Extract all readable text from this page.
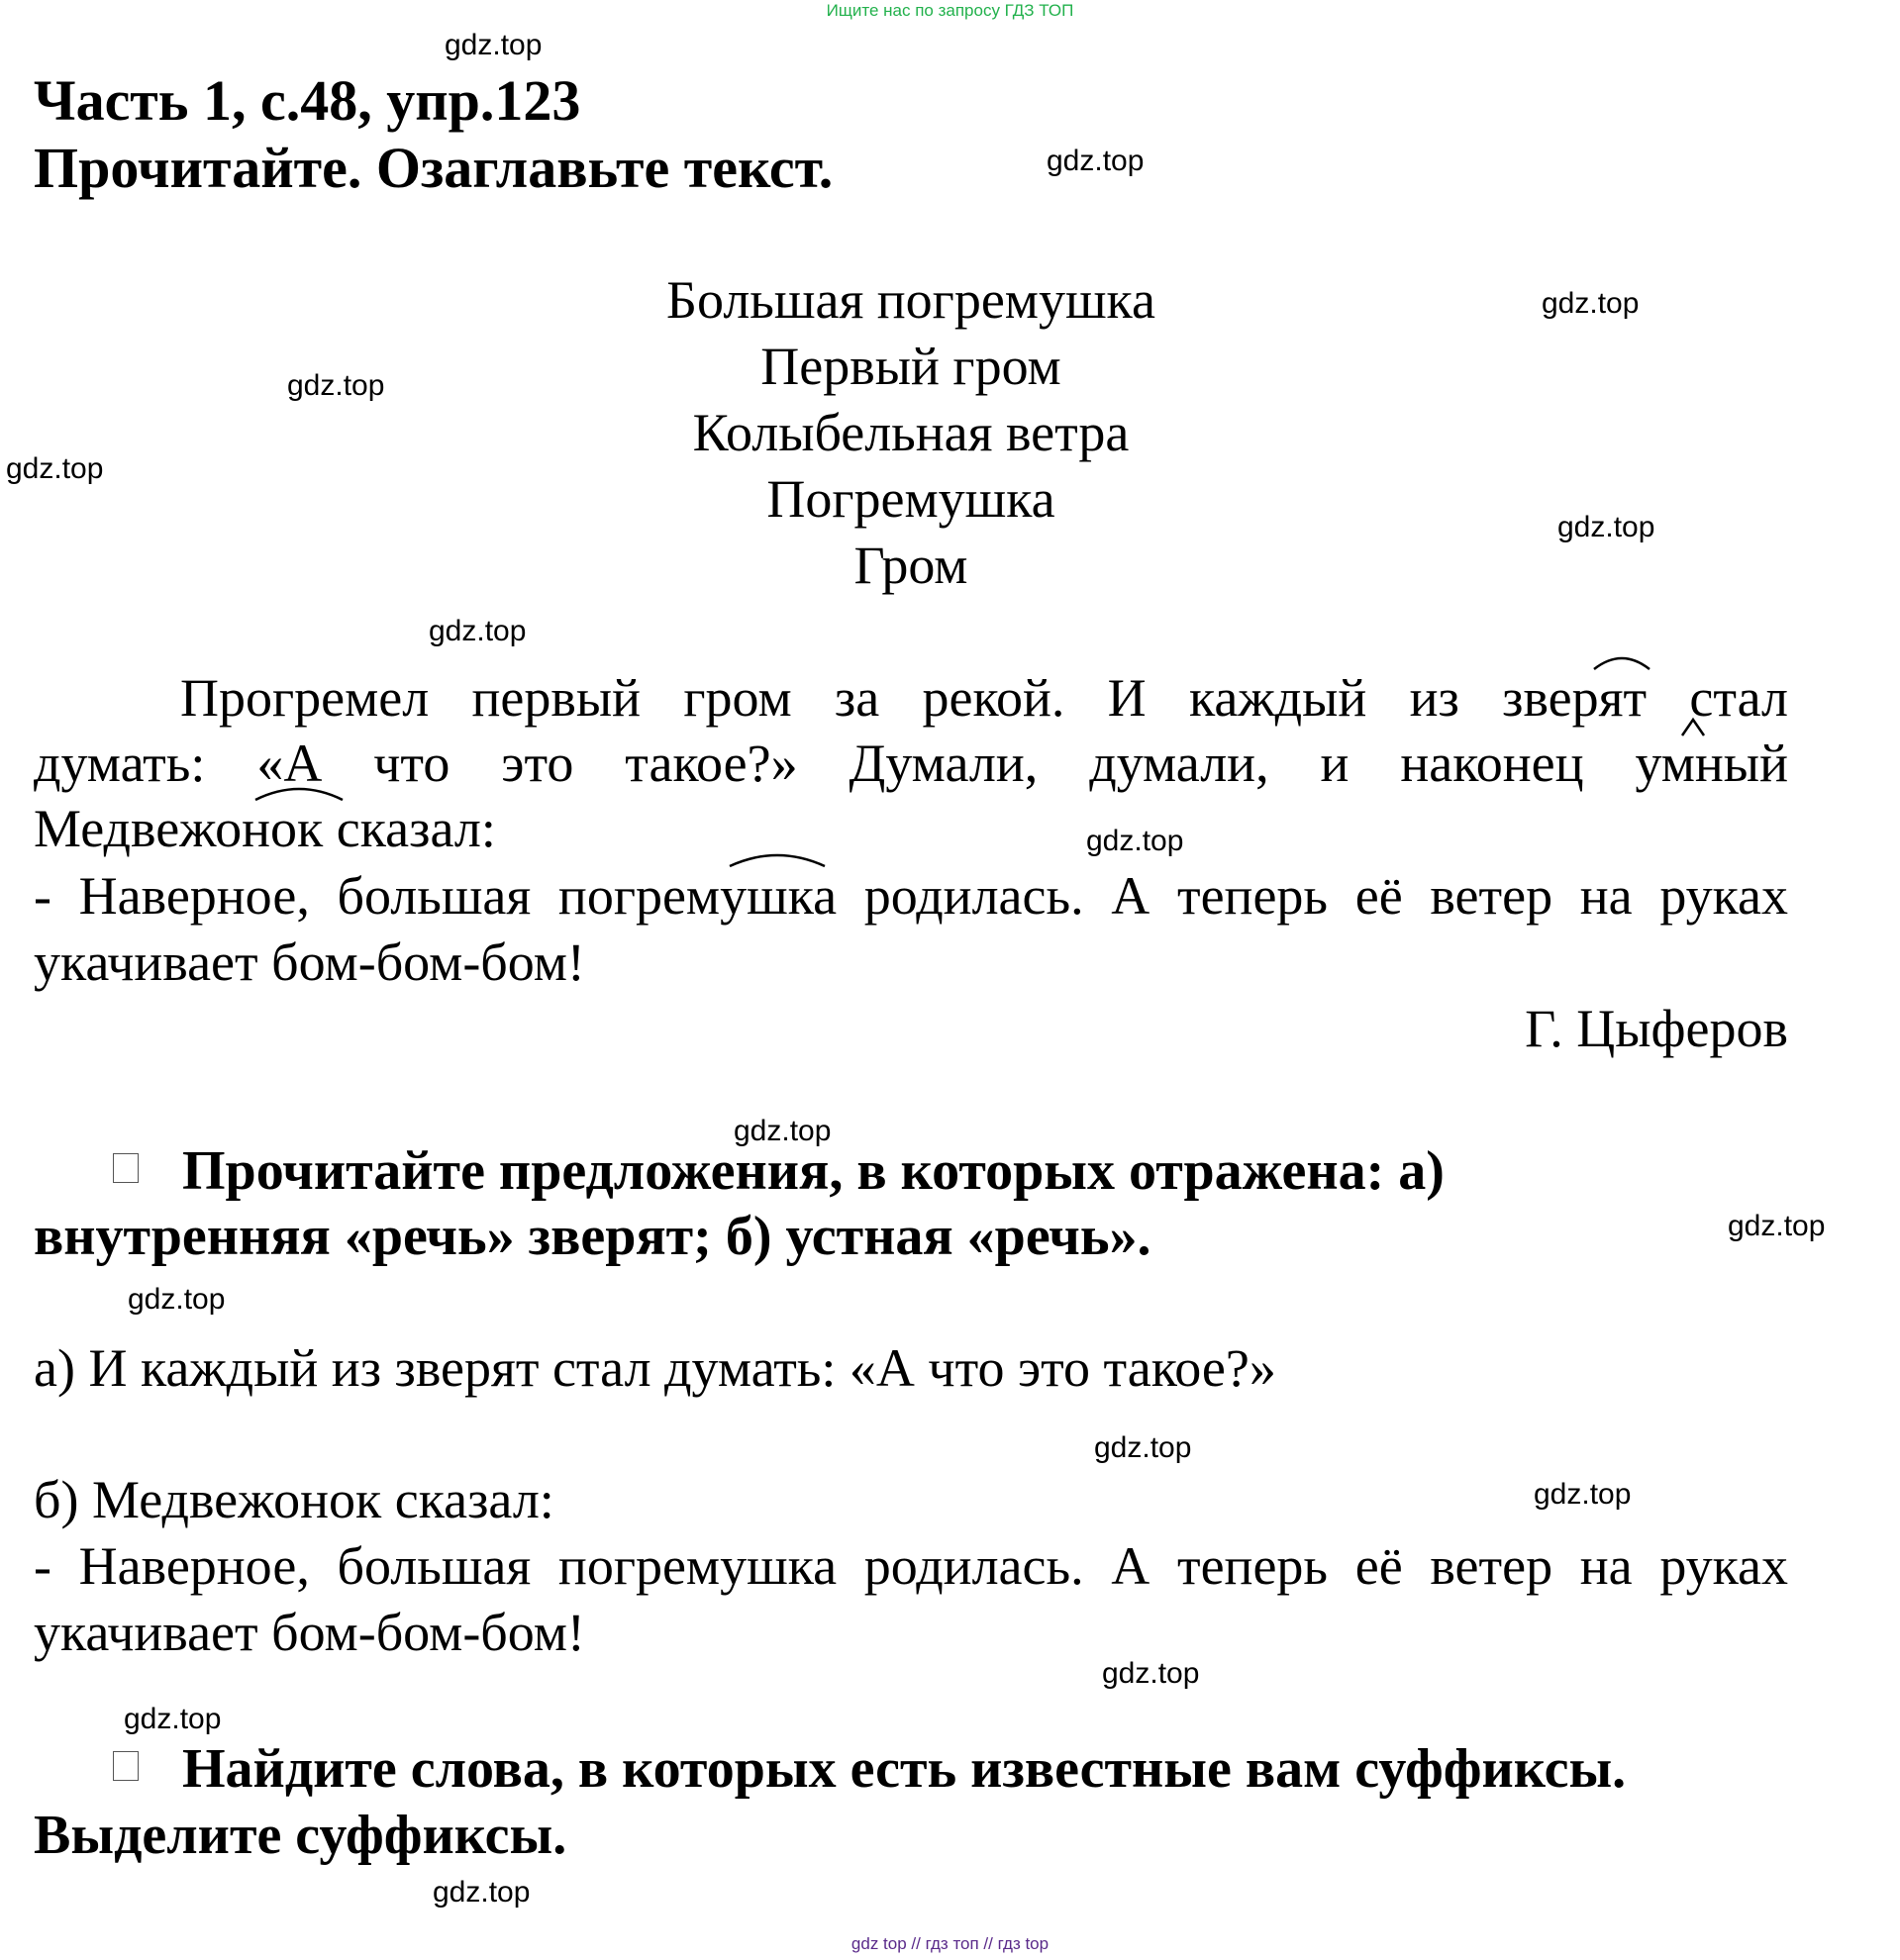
Ищите нас по запросу ГДЗ ТОП
gdz.top
gdz.top
gdz.top
gdz.top
gdz.top
gdz.top
gdz.top
gdz.top
gdz.top
gdz.top
gdz.top
gdz.top
gdz.top
gdz.top
gdz.top
gdz.top
Часть 1, с.48, упр.123
Прочитайте. Озаглавьте текст.
Большая погремушка
Первый гром
Колыбельная ветра
Погремушка
Гром
Прогремел первый гром за рекой. И каждый из зверят стал
думать: «А что это такое?» Думали, думали, и наконец умный
Медвежонок сказал:
- Наверное, большая погремушка родилась. А теперь её ветер на руках
укачивает бом-бом-бом!
Г. Цыферов
Прочитайте предложения, в которых отражена: а)
внутренняя «речь» зверят; б) устная «речь».
а) И каждый из зверят стал думать: «А что это такое?»
б) Медвежонок сказал:
- Наверное, большая погремушка родилась. А теперь её ветер на руках
укачивает бом-бом-бом!
Найдите слова, в которых есть известные вам суффиксы.
Выделите суффиксы.
gdz top // гдз топ // гдз top
